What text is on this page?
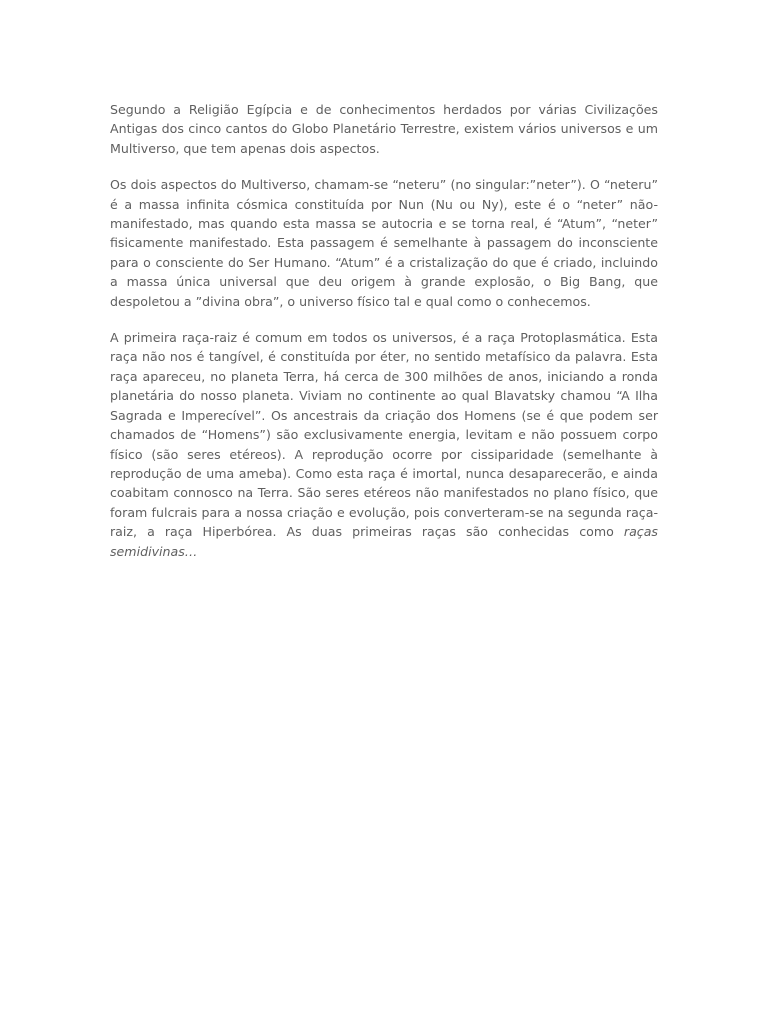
Segundo a Religião Egípcia e de conhecimentos herdados por várias Civilizações Antigas dos cinco cantos do Globo Planetário Terrestre, existem vários universos e um Multiverso, que tem apenas dois aspectos.

Os dois aspectos do Multiverso, chamam-se “neteru” (no singular:”neter”). O “neteru” é a massa infinita cósmica constituída por Nun (Nu ou Ny), este é o “neter” não-manifestado, mas quando esta massa se autocria e se torna real, é “Atum”, “neter” fisicamente manifestado. Esta passagem é semelhante à passagem do inconsciente para o consciente do Ser Humano. “Atum” é a cristalização do que é criado, incluindo a massa única universal que deu origem à grande explosão, o Big Bang, que despoletou a ”divina obra”, o universo físico tal e qual como o conhecemos.

A primeira raça-raiz é comum em todos os universos, é a raça Protoplasmática. Esta raça não nos é tangível, é constituída por éter, no sentido metafísico da palavra. Esta raça apareceu, no planeta Terra, há cerca de 300 milhões de anos, iniciando a ronda planetária do nosso planeta. Viviam no continente ao qual Blavatsky chamou “A Ilha Sagrada e Imperecível”. Os ancestrais da criação dos Homens (se é que podem ser chamados de “Homens”) são exclusivamente energia, levitam e não possuem corpo físico (são seres etéreos). A reprodução ocorre por cissiparidade (semelhante à reprodução de uma ameba). Como esta raça é imortal, nunca desaparecerão, e ainda coabitam connosco na Terra. São seres etéreos não manifestados no plano físico, que foram fulcrais para a nossa criação e evolução, pois converteram-se na segunda raça-raiz, a raça Hiperbórea. As duas primeiras raças são conhecidas como raças semidivinas…
